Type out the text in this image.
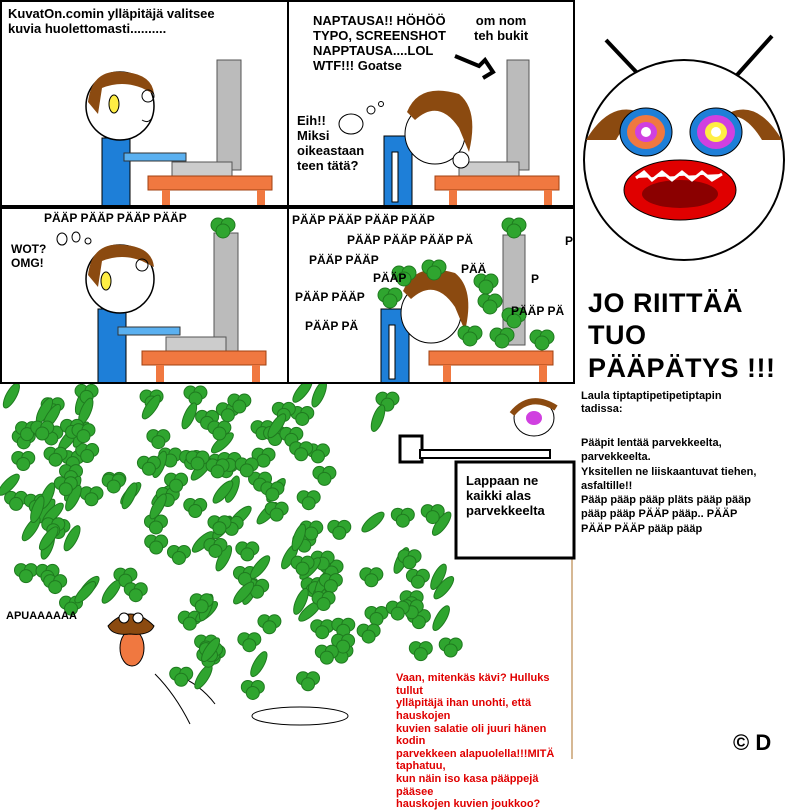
KuvatOn.comin ylläpitäjä valitsee
kuvia huolettomasti..........
NAPTAUSA!! HÖHÖÖ
TYPO, SCREENSHOT
NAPPTAUSA....LOL
WTF!!! Goatse
om nom
teh bukit
Eih!!
Miksi
oikeastaan
teen tätä?
PÄÄP PÄÄP PÄÄP PÄÄP
WOT?
OMG!
PÄÄP PÄÄP PÄÄP PÄÄP
PÄÄP PÄÄP PÄÄP PÄ
PÄÄP PÄÄP
PÄÄP PÄÄP
PÄÄP PÄ
PÄÄP
PÄÄP PÄ
PÄÄ
P
P
JO RIITTÄÄ
TUO
PÄÄPÄTYS !!!
Laula tiptaptipetipetiptapin
tadissa:
Pääpit lentää parvekkeelta,
parvekkeelta.
Yksitellen ne liiskaantuvat tiehen,
asfaltille!!
Pääp pääp pääp pläts pääp pääp
pääp pääp PÄÄP pääp.. PÄÄP
PÄÄP PÄÄP pääp pääp
Lappaan ne
kaikki alas
parvekkeelta
APUAAAAAA
Vaan, mitenkäs kävi? Hulluks tullut
ylläpitäjä ihan unohti, että hauskojen
kuvien salatie oli juuri hänen kodin
parvekkeen alapuolella!!!MITÄ taphatuu,
kun näin iso kasa pääppejä pääsee
hauskojen kuvien joukkoo?
© D
